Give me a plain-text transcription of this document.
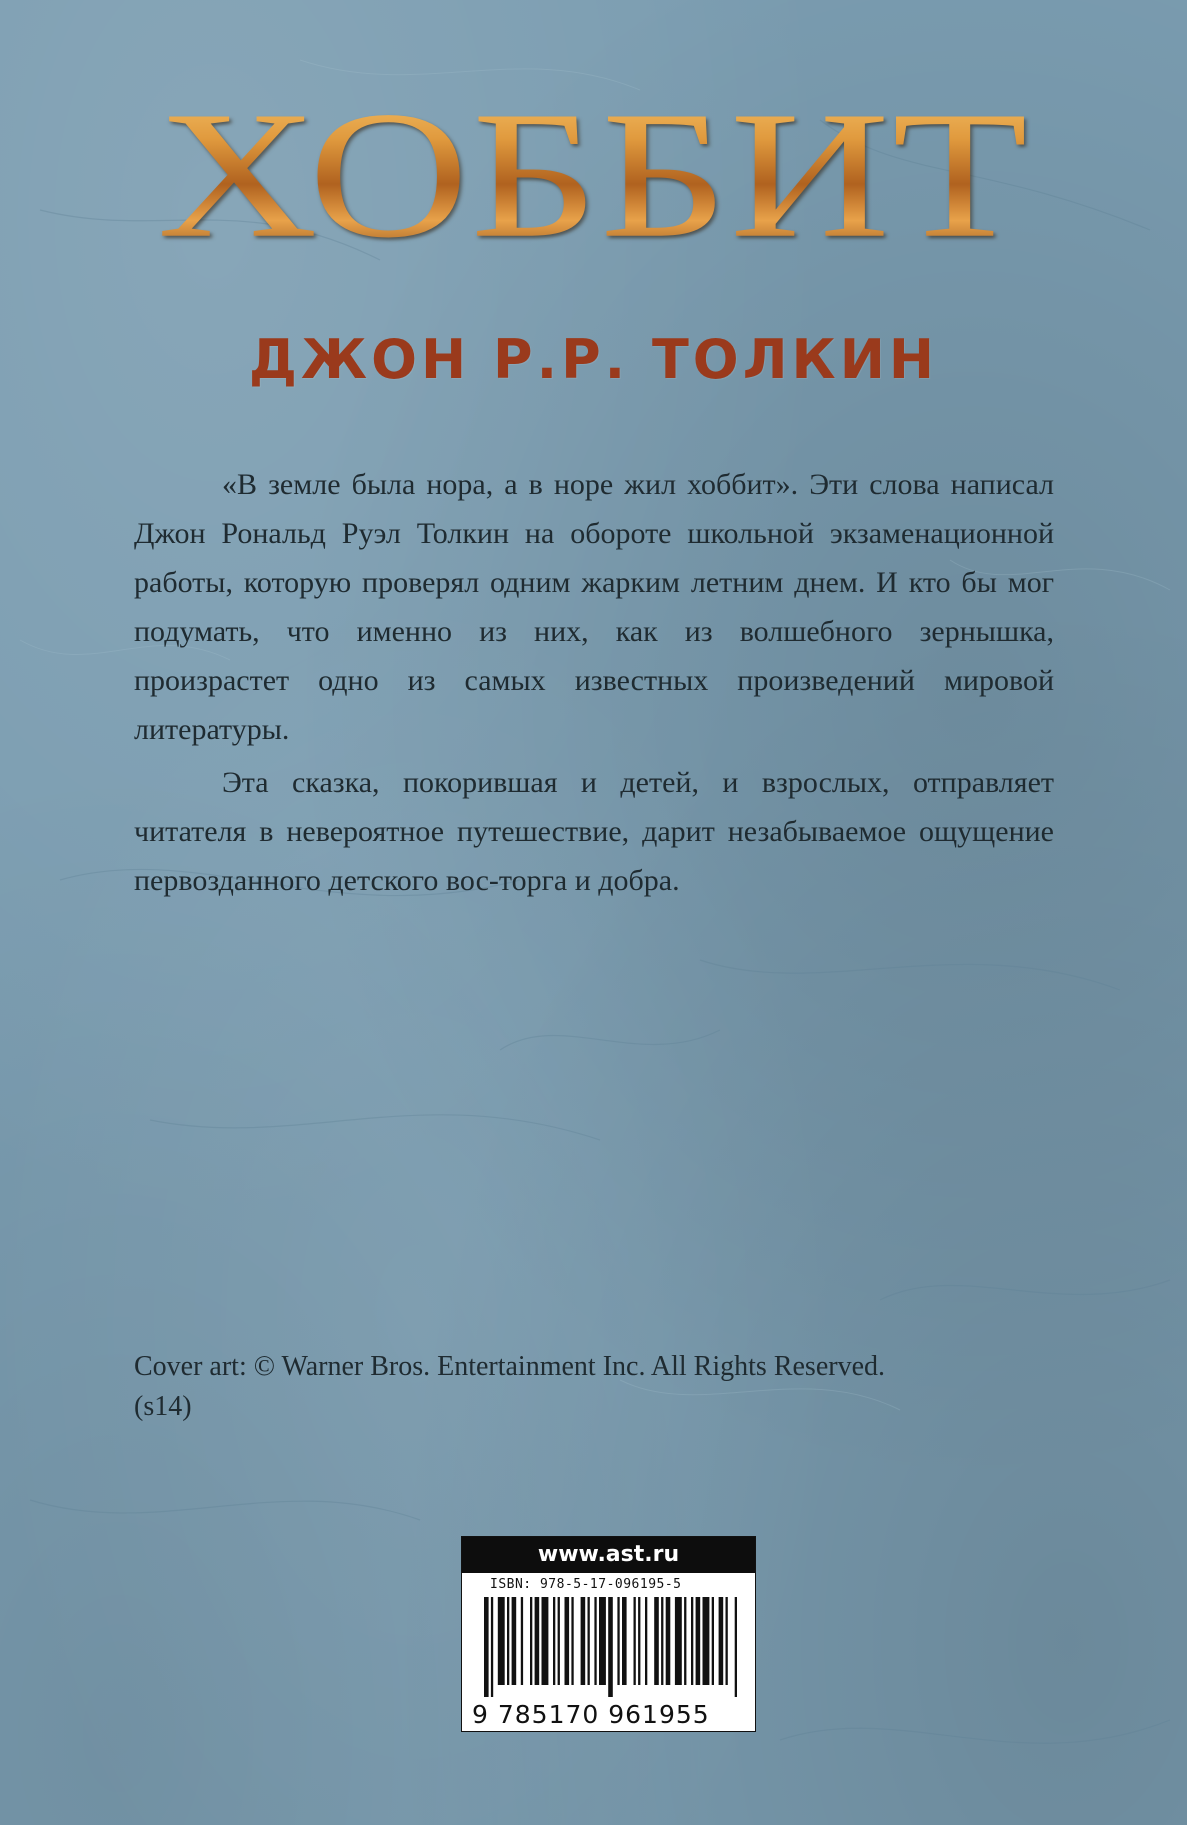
ХОББИТ
ДЖОН Р.Р. ТОЛКИН

«В земле была нора, а в норе жил хоббит». Эти слова написал Джон Рональд Руэл Толкин на обороте школьной экзаменационной работы, которую проверял одним жарким летним днем. И кто бы мог подумать, что именно из них, как из волшебного зернышка, произрастет одно из самых известных произведений мировой литературы.

Эта сказка, покорившая и детей, и взрослых, отправляет читателя в невероятное путешествие, дарит незабываемое ощущение первозданного детского вос-торга и добра.

Cover art: © Warner Bros. Entertainment Inc. All Rights Reserved.
(s14)
www.ast.ru
ISBN: 978-5-17-096195-5
9 785170 961955
